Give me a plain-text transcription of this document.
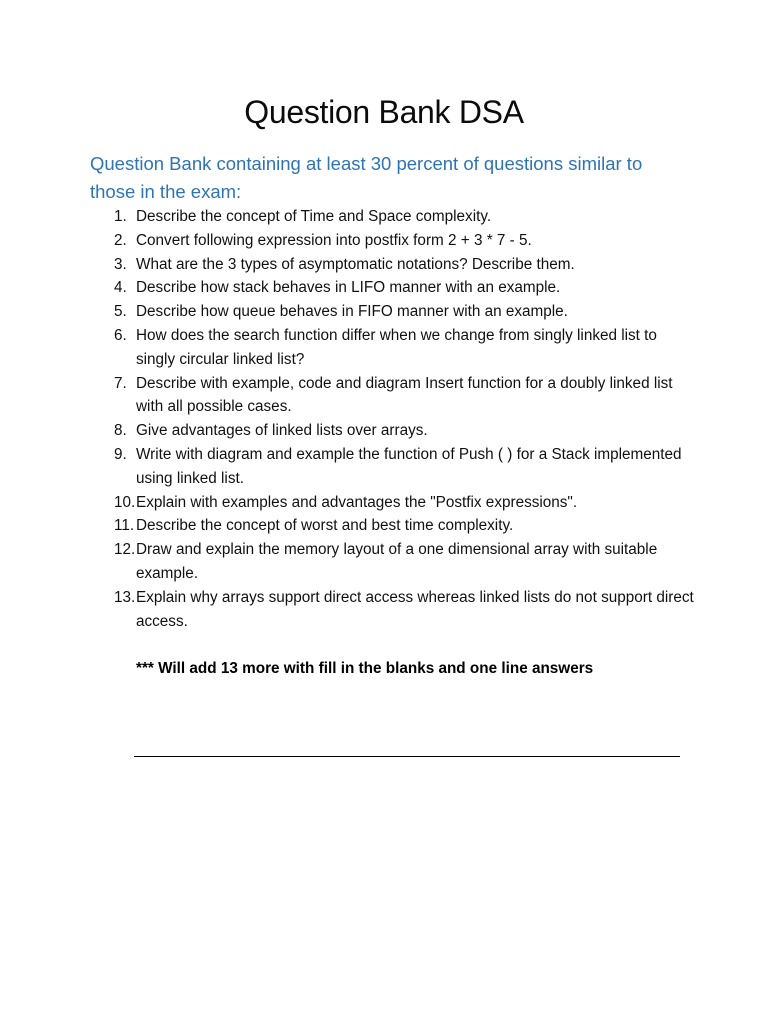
Question Bank DSA
Question Bank containing at least 30 percent of questions similar to those in the exam:
1. Describe the concept of Time and Space complexity.
2. Convert following expression into postfix form 2 + 3 * 7 - 5.
3. What are the 3 types of asymptomatic notations? Describe them.
4. Describe how stack behaves in LIFO manner with an example.
5. Describe how queue behaves in FIFO manner with an example.
6. How does the search function differ when we change from singly linked list to singly circular linked list?
7. Describe with example, code and diagram Insert function for a doubly linked list with all possible cases.
8. Give advantages of linked lists over arrays.
9. Write with diagram and example the function of Push ( ) for a Stack implemented using linked list.
10. Explain with examples and advantages the "Postfix expressions".
11. Describe the concept of worst and best time complexity.
12. Draw and explain the memory layout of a one dimensional array with suitable example.
13. Explain why arrays support direct access whereas linked lists do not support direct access.
*** Will add 13 more with fill in the blanks and one line answers
